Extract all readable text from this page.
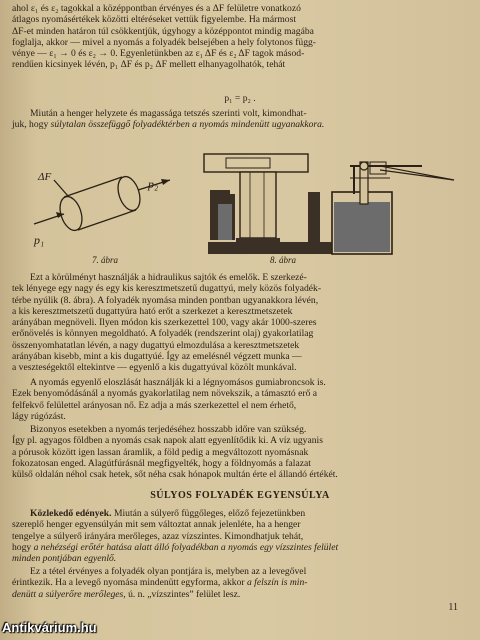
ahol ε₁ és ε₂ tagokkal a középpontban érvényes és a ΔF felületre vonatkozó

átlagos nyomásértékek közötti eltéréseket vettük figyelembe. Ha mármost

ΔF-et minden határon túl csökkentjük, úgyhogy a középpontot mindig magába

foglalja, akkor — mivel a nyomás a folyadék belsejében a hely folytonos függ-

vénye — ε₁ → 0 és ε₂ → 0. Egyenletünkben az ε₁ ΔF és ε₂ ΔF tagok másod-

rendűen kicsinyek lévén, p₁ ΔF és p₂ ΔF mellett elhanyagolhatók, tehát

p₁ = p₂ .

Miután a henger helyzete és magassága tetszés szerinti volt, kimondhat-

juk, hogy súlytalan összefüggő folyadéktérben a nyomás mindenütt ugyanakkora.

ΔF
p₁
p₂
7. ábra	8. ábra

Ezt a körülményt használják a hidraulikus sajtók és emelők. E szerkezé-

tek lényege egy nagy és egy kis keresztmetszetű dugattyú, mely közös folyadék-

térbe nyúlik (8. ábra). A folyadék nyomása minden pontban ugyanakkora lévén,

a kis keresztmetszetű dugattyúra ható erőt a szerkezet a keresztmetszetek

arányában megnöveli. Ilyen módon kis szerkezettel 100, vagy akár 1000-szeres

erőnövelés is könnyen megoldható. A folyadék (rendszerint olaj) gyakorlatilag

összenyomhatatlan lévén, a nagy dugattyú elmozdulása a keresztmetszetek

arányában kisebb, mint a kis dugattyúé. Így az emelésnél végzett munka —

a veszteségektől eltekintve — egyenlő a kis dugattyúval közölt munkával.

A nyomás egyenlő eloszlását használják ki a légnyomásos gumiabroncsok is.

Ezek benyomódásánál a nyomás gyakorlatilag nem növekszik, a támasztó erő a

felfekvő felülettel arányosan nő. Ez adja a más szerkezettel el nem érhető,

lágy rúgózást.

Bizonyos esetekben a nyomás terjedéséhez hosszabb időre van szükség.

Így pl. agyagos földben a nyomás csak napok alatt egyenlítődik ki. A víz ugyanis

a pórusok között igen lassan áramlik, a föld pedig a megváltozott nyomásnak

fokozatosan enged. Alagútfúrásnál megfigyelték, hogy a földnyomás a falazat

külső oldalán néhol csak hetek, sőt néha csak hónapok multán érte el állandó értékét.

SÚLYOS FOLYADÉK EGYENSÚLYA

Közlekedő edények. Miután a súlyerő függőleges, előző fejezetünkben

szereplő henger egyensúlyán mit sem változtat annak jelenléte, ha a henger

tengelye a súlyerő irányára merőleges, azaz vízszintes. Kimondhatjuk tehát,

hogy a nehézségi erőtér hatása alatt álló folyadékban a nyomás egy vízszintes felület

minden pontjában egyenlő.

Ez a tétel érvényes a folyadék olyan pontjára is, melyben az a levegővel

érintkezik. Ha a levegő nyomása mindenütt egyforma, akkor a felszín is min-

denütt a súlyerőre merőleges, ú. n. „vízszintes” felület lesz.

11
Antikvárium.hu
